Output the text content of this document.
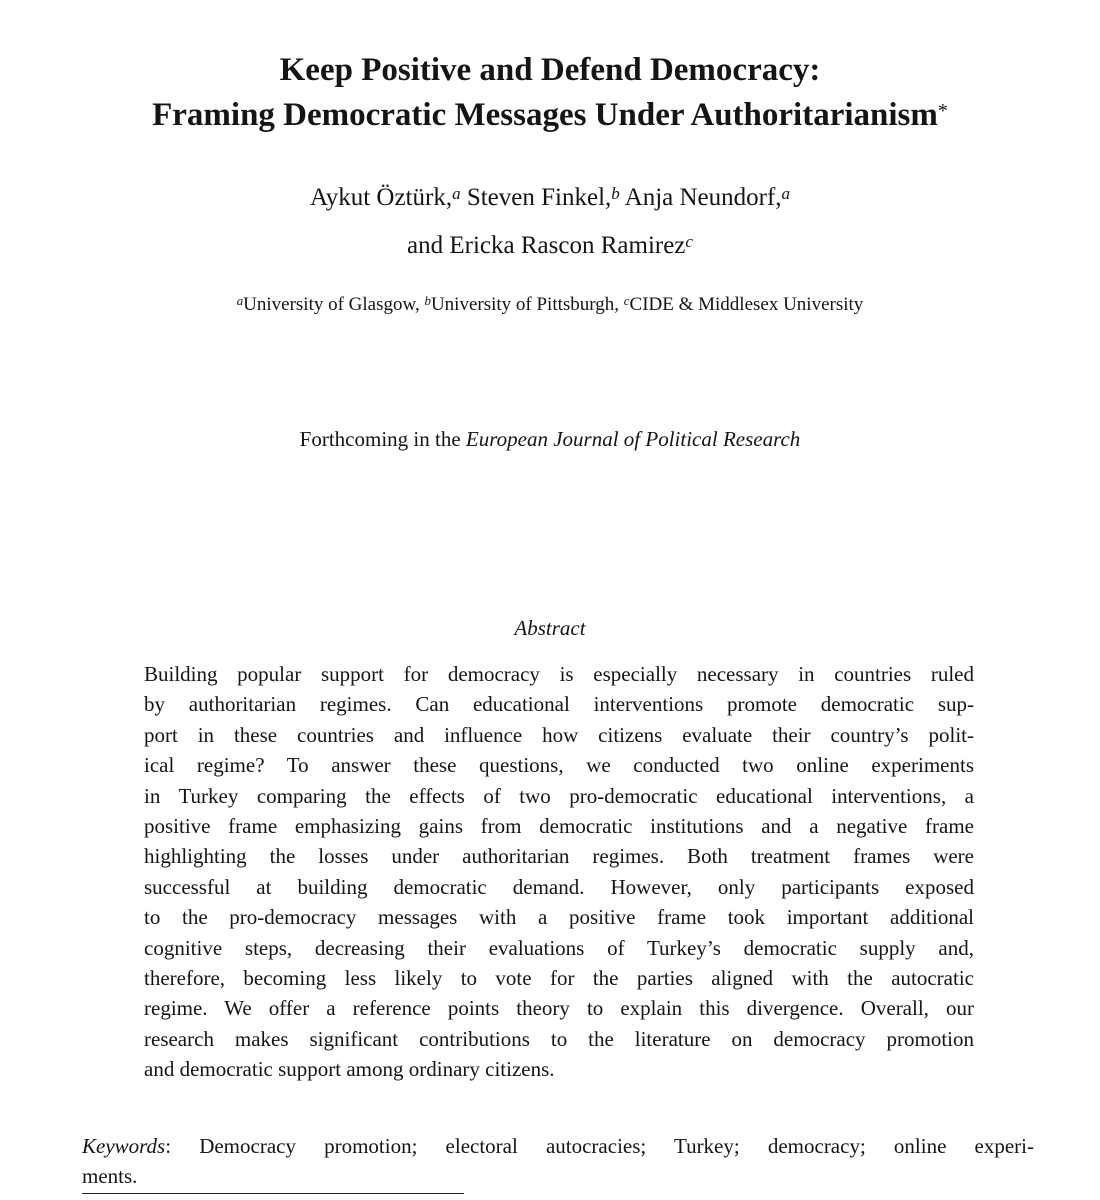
Keep Positive and Defend Democracy:
Framing Democratic Messages Under Authoritarianism*
Aykut Öztürk,$^a$ Steven Finkel,$^b$ Anja Neundorf,$^a$
and Ericka Rascon Ramirez$^c$
$^a$University of Glasgow, $^b$University of Pittsburgh, $^c$CIDE & Middlesex University
Forthcoming in the European Journal of Political Research
Abstract
Building popular support for democracy is especially necessary in countries ruled
by authoritarian regimes. Can educational interventions promote democratic sup-
port in these countries and influence how citizens evaluate their country’s polit-
ical regime? To answer these questions, we conducted two online experiments
in Turkey comparing the effects of two pro-democratic educational interventions, a
positive frame emphasizing gains from democratic institutions and a negative frame
highlighting the losses under authoritarian regimes. Both treatment frames were
successful at building democratic demand. However, only participants exposed
to the pro-democracy messages with a positive frame took important additional
cognitive steps, decreasing their evaluations of Turkey’s democratic supply and,
therefore, becoming less likely to vote for the parties aligned with the autocratic
regime. We offer a reference points theory to explain this divergence. Overall, our
research makes significant contributions to the literature on democracy promotion
and democratic support among ordinary citizens.
Keywords: Democracy promotion; electoral autocracies; Turkey; democracy; online experi-
ments.
